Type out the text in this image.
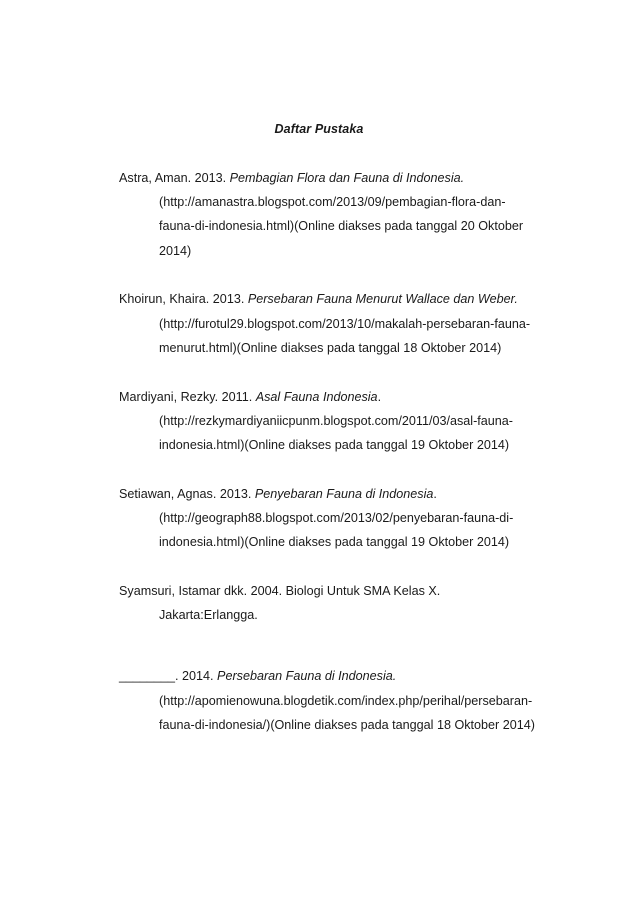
Daftar Pustaka
Astra, Aman. 2013. Pembagian Flora dan Fauna di Indonesia.
(http://amanastra.blogspot.com/2013/09/pembagian-flora-dan-
fauna-di-indonesia.html)(Online diakses pada tanggal 20 Oktober
2014)
Khoirun, Khaira. 2013. Persebaran Fauna Menurut Wallace dan Weber.
(http://furotul29.blogspot.com/2013/10/makalah-persebaran-fauna-
menurut.html)(Online diakses pada tanggal 18 Oktober 2014)
Mardiyani, Rezky. 2011. Asal Fauna Indonesia.
(http://rezkymardiyaniicpunm.blogspot.com/2011/03/asal-fauna-
indonesia.html)(Online diakses pada tanggal 19 Oktober 2014)
Setiawan, Agnas. 2013. Penyebaran Fauna di Indonesia.
(http://geograph88.blogspot.com/2013/02/penyebaran-fauna-di-
indonesia.html)(Online diakses pada tanggal 19 Oktober 2014)
Syamsuri, Istamar dkk. 2004. Biologi Untuk SMA Kelas X.
Jakarta:Erlangga.
________. 2014. Persebaran Fauna di Indonesia.
(http://apomienowuna.blogdetik.com/index.php/perihal/persebaran-
fauna-di-indonesia/)(Online diakses pada tanggal 18 Oktober 2014)
